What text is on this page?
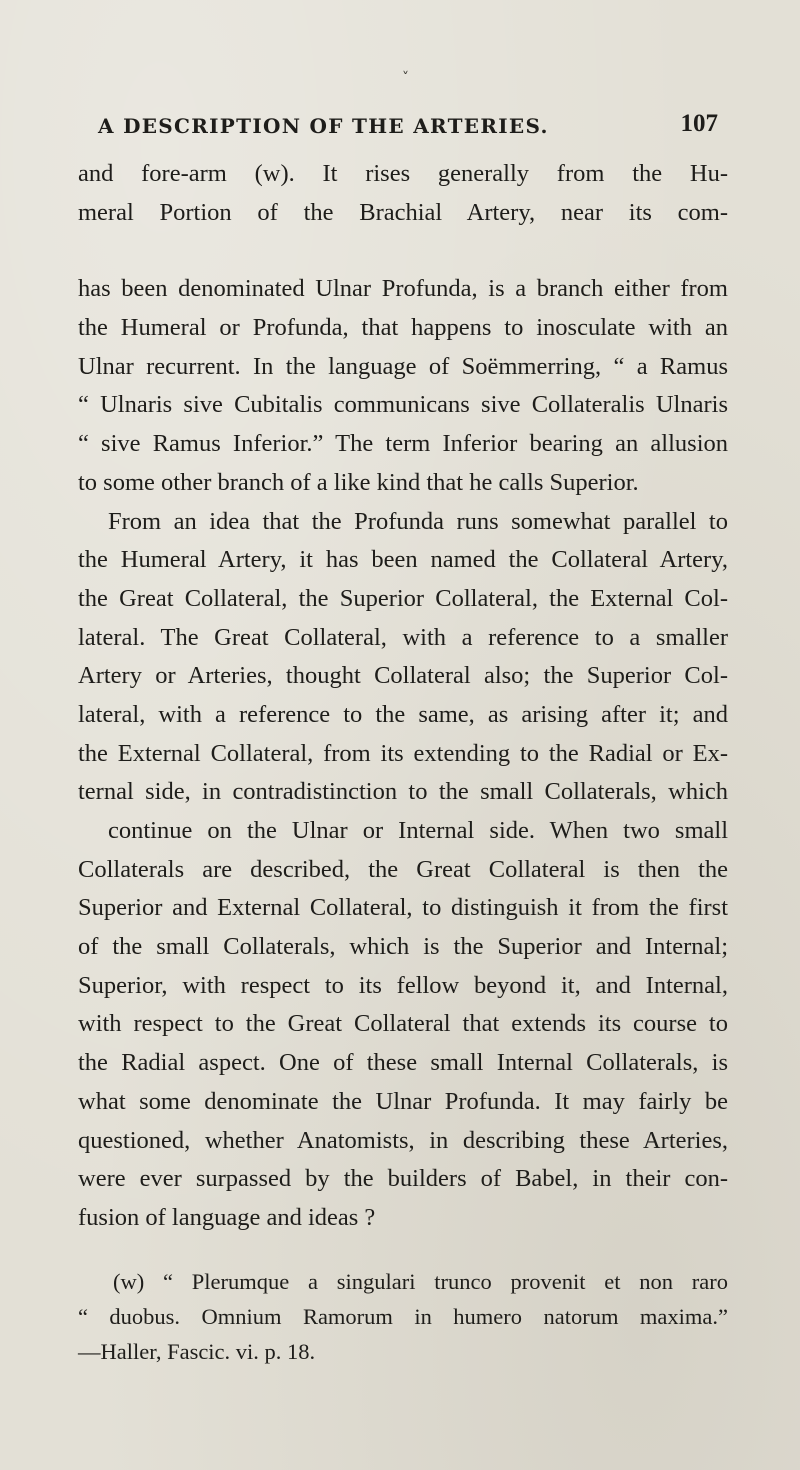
˅
A DESCRIPTION OF THE ARTERIES.	107
and fore-arm (w). It rises generally from the Hu-
meral Portion of the Brachial Artery, near its com-
has been denominated Ulnar Profunda, is a branch either from
the Humeral or Profunda, that happens to inosculate with an
Ulnar recurrent. In the language of Soëmmerring, “ a Ramus
“ Ulnaris sive Cubitalis communicans sive Collateralis Ulnaris
“ sive Ramus Inferior.” The term Inferior bearing an allusion
to some other branch of a like kind that he calls Superior.
From an idea that the Profunda runs somewhat parallel to
the Humeral Artery, it has been named the Collateral Artery,
the Great Collateral, the Superior Collateral, the External Col-
lateral. The Great Collateral, with a reference to a smaller
Artery or Arteries, thought Collateral also; the Superior Col-
lateral, with a reference to the same, as arising after it; and
the External Collateral, from its extending to the Radial or Ex-
ternal side, in contradistinction to the small Collaterals, which
continue on the Ulnar or Internal side. When two small
Collaterals are described, the Great Collateral is then the
Superior and External Collateral, to distinguish it from the first
of the small Collaterals, which is the Superior and Internal;
Superior, with respect to its fellow beyond it, and Internal,
with respect to the Great Collateral that extends its course to
the Radial aspect. One of these small Internal Collaterals, is
what some denominate the Ulnar Profunda. It may fairly be
questioned, whether Anatomists, in describing these Arteries,
were ever surpassed by the builders of Babel, in their con-
fusion of language and ideas ?
(w) “ Plerumque a singulari trunco provenit et non raro
“ duobus. Omnium Ramorum in humero natorum maxima.”
—Haller, Fascic. vi. p. 18.
